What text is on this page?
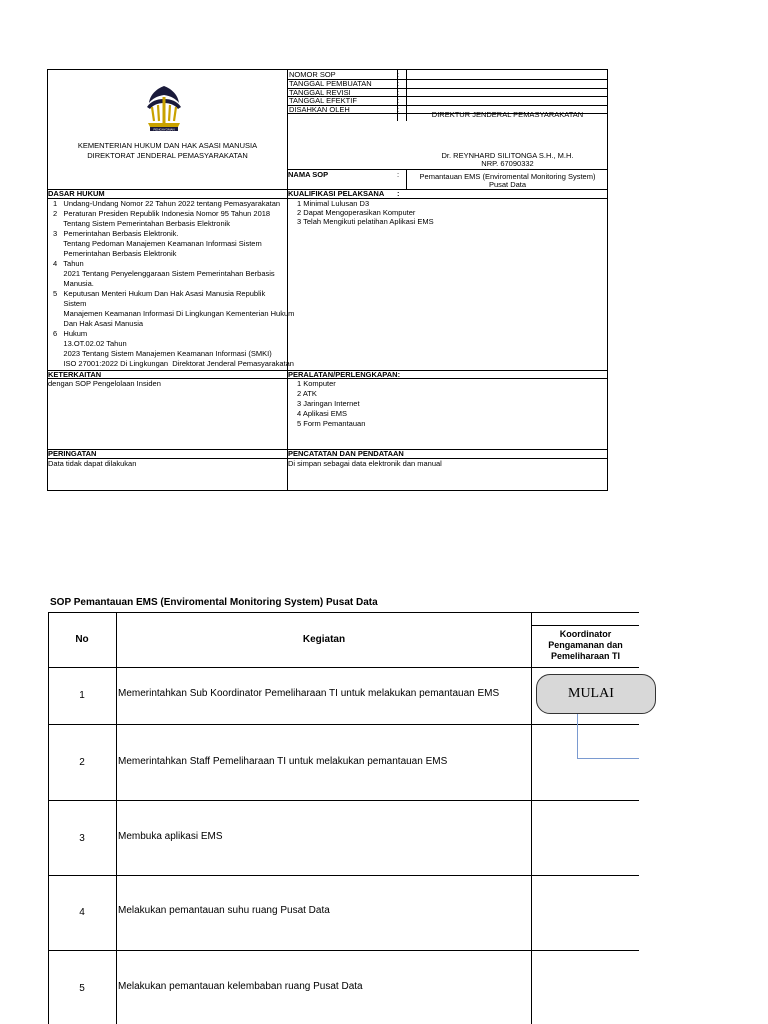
PENGAYOMAN
KEMENTERIAN HUKUM DAN HAK ASASI MANUSIA
DIREKTORAT JENDERAL PEMASYARAKATAN
NOMOR SOP	:
TANGGAL PEMBUATAN	:
TANGGAL REVISI	:
TANGGAL EFEKTIF	:
DISAHKAN OLEH	:
DIREKTUR JENDERAL PEMASYARAKATAN
Dr. REYNHARD SILITONGA S.H., M.H.
NRP. 67090332
NAMA SOP	:	Pemantauan EMS (Enviromental Monitoring System)
Pusat Data
DASAR HUKUM
1   Undang-Undang Nomor 22 Tahun 2022 tentang Pemasyarakatan
2   Peraturan Presiden Republik Indonesia Nomor 95 Tahun 2018
Tentang Sistem Pemerintahan Berbasis Elektronik
3   Pemerintahan Berbasis Elektronik.
Tentang Pedoman Manajemen Keamanan Informasi Sistem
Pemerintahan Berbasis Elektronik
4   Tahun
2021 Tentang Penyelenggaraan Sistem Pemerintahan Berbasis
Manusia.
5   Keputusan Menteri Hukum Dan Hak Asasi Manusia Republik
Sistem
Manajemen Keamanan Informasi Di Lingkungan Kementerian Hukum
Dan Hak Asasi Manusia
6   Hukum
13.OT.02.02 Tahun
2023 Tentang Sistem Manajemen Keamanan Informasi (SMKI)
ISO 27001:2022 Di Lingkungan  Direktorat Jenderal Pemasyarakatan
KUALIFIKASI PELAKSANA :
1 Minimal Lulusan D3
2 Dapat Mengoperasikan Komputer
3 Telah Mengikuti pelatihan Aplikasi EMS
KETERKAITAN
dengan SOP Pengelolaan Insiden
PERALATAN/PERLENGKAPAN:
1 Komputer
2 ATK
3 Jaringan Internet
4 Aplikasi EMS
5 Form Pemantauan
PERINGATAN
Data tidak dapat dilakukan
PENCATATAN DAN PENDATAAN
Di simpan sebagai data elektronik dan manual
SOP Pemantauan EMS (Enviromental Monitoring System) Pusat Data
No	Kegiatan	Koordinator
Pengamanan dan
Pemeliharaan TI
1	Memerintahkan Sub Koordinator Pemeliharaan TI untuk melakukan pemantauan EMS
2	Memerintahkan Staff Pemeliharaan TI untuk melakukan pemantauan EMS
3	Membuka aplikasi EMS
4	Melakukan pemantauan suhu ruang Pusat Data
5	Melakukan pemantauan kelembaban ruang Pusat Data
MULAI
